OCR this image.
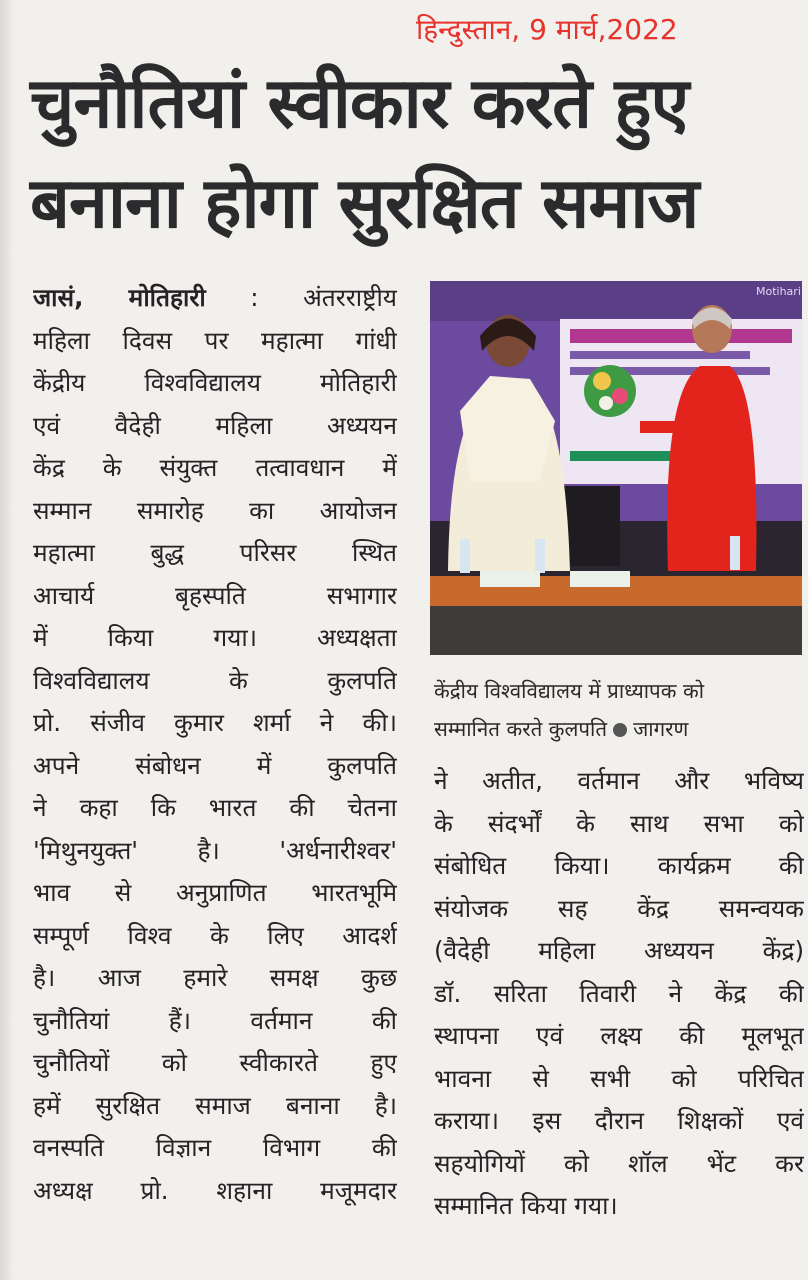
हिन्दुस्तान, 9 मार्च,2022
चुनौतियां स्वीकार करते हुए
बनाना होगा सुरक्षित समाज
जासं, मोतिहारी : अंतरराष्ट्रीय
महिला दिवस पर महात्मा गांधी
केंद्रीय विश्वविद्यालय मोतिहारी
एवं वैदेही महिला अध्ययन
केंद्र के संयुक्त तत्वावधान में
सम्मान समारोह का आयोजन
महात्मा बुद्ध परिसर स्थित
आचार्य बृहस्पति सभागार
में किया गया। अध्यक्षता
विश्वविद्यालय के कुलपति
प्रो. संजीव कुमार शर्मा ने की।
अपने संबोधन में कुलपति
ने कहा कि भारत की चेतना
'मिथुनयुक्त' है। 'अर्धनारीश्वर'
भाव से अनुप्राणित भारतभूमि
सम्पूर्ण विश्व के लिए आदर्श
है। आज हमारे समक्ष कुछ
चुनौतियां हैं। वर्तमान की
चुनौतियों को स्वीकारते हुए
हमें सुरक्षित समाज बनाना है।
वनस्पति विज्ञान विभाग की
अध्यक्ष प्रो. शहाना मजूमदार
Motihari
केंद्रीय विश्वविद्यालय में प्राध्यापक को
सम्मानित करते कुलपति जागरण
ने अतीत, वर्तमान और भविष्य
के संदर्भों के साथ सभा को
संबोधित किया। कार्यक्रम की
संयोजक सह केंद्र समन्वयक
(वैदेही महिला अध्ययन केंद्र)
डॉ. सरिता तिवारी ने केंद्र की
स्थापना एवं लक्ष्य की मूलभूत
भावना से सभी को परिचित
कराया। इस दौरान शिक्षकों एवं
सहयोगियों को शॉल भेंट कर
सम्मानित किया गया।
